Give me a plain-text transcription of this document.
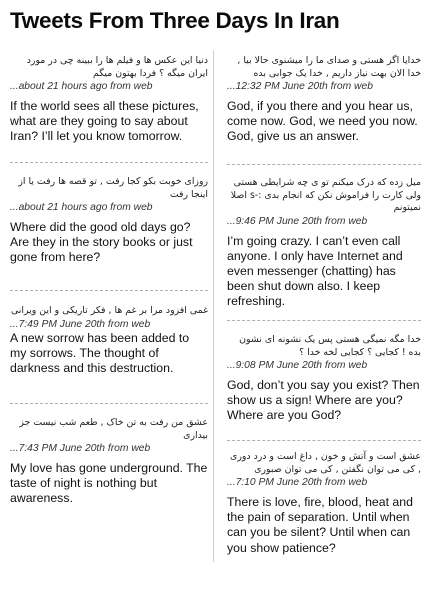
Tweets From Three Days In Iran
دنیا این عکس ها و فیلم ها را ببینه چی در مورد ایران میگه ؟ فردا بهتون میگم
...about 21 hours ago from web
If the world sees all these pictures, what are they going to say about Iran? I’ll let you know tomorrow.
روزای خوبت بکو کجا رفت , تو قصه ها رفت یا از اینجا رفت
...about 21 hours ago from web
Where did the good old days go? Are they in the story books or just gone from here?
غمی افزود مرا بر غم ها , فکر تاریکی و این ویرانی
...7:49 PM June 20th from web
A new sorrow has been added to my sorrows. The thought of darkness and this destruction.
عشق من رفت به تن خاک , طعم شب نیست جز بیداری
...7:43 PM June 20th from web
My love has gone underground. The taste of night is nothing but awareness.
خدایا اگر هستی و صدای ما را میشنوی حالا بیا , خدا الان بهت نیاز داریم , خدا یک جوابی بده
...12:32 PM June 20th from web
God, if you there and you hear us, come now. God, we need you now. God, give us an answer.
میل زده که درک میکنم تو ی چه شرایطی هستی ولی کارت را فراموش نکن که انجام بدی :-s اصلا نمیتونم
...9:46 PM June 20th from web
I’m going crazy. I can’t even call anyone. I only have Internet and even messenger (chatting) has been shut down also. I keep refreshing.
خدا مگه نمیگی هستی پس یک نشونه ای نشون بده ! کجایی ؟ کجایی لخه خدا ؟
...9:08 PM June 20th from web
God, don’t you say you exist? Then show us a sign! Where are you? Where are you God?
عشق است و آتش و خون , داغ است و درد دوری , کی می توان نگفتن , کی می توان صبوری
...7:10 PM June 20th from web
There is love, fire, blood, heat and the pain of separation. Until when can you be silent? Until when can you show patience?
